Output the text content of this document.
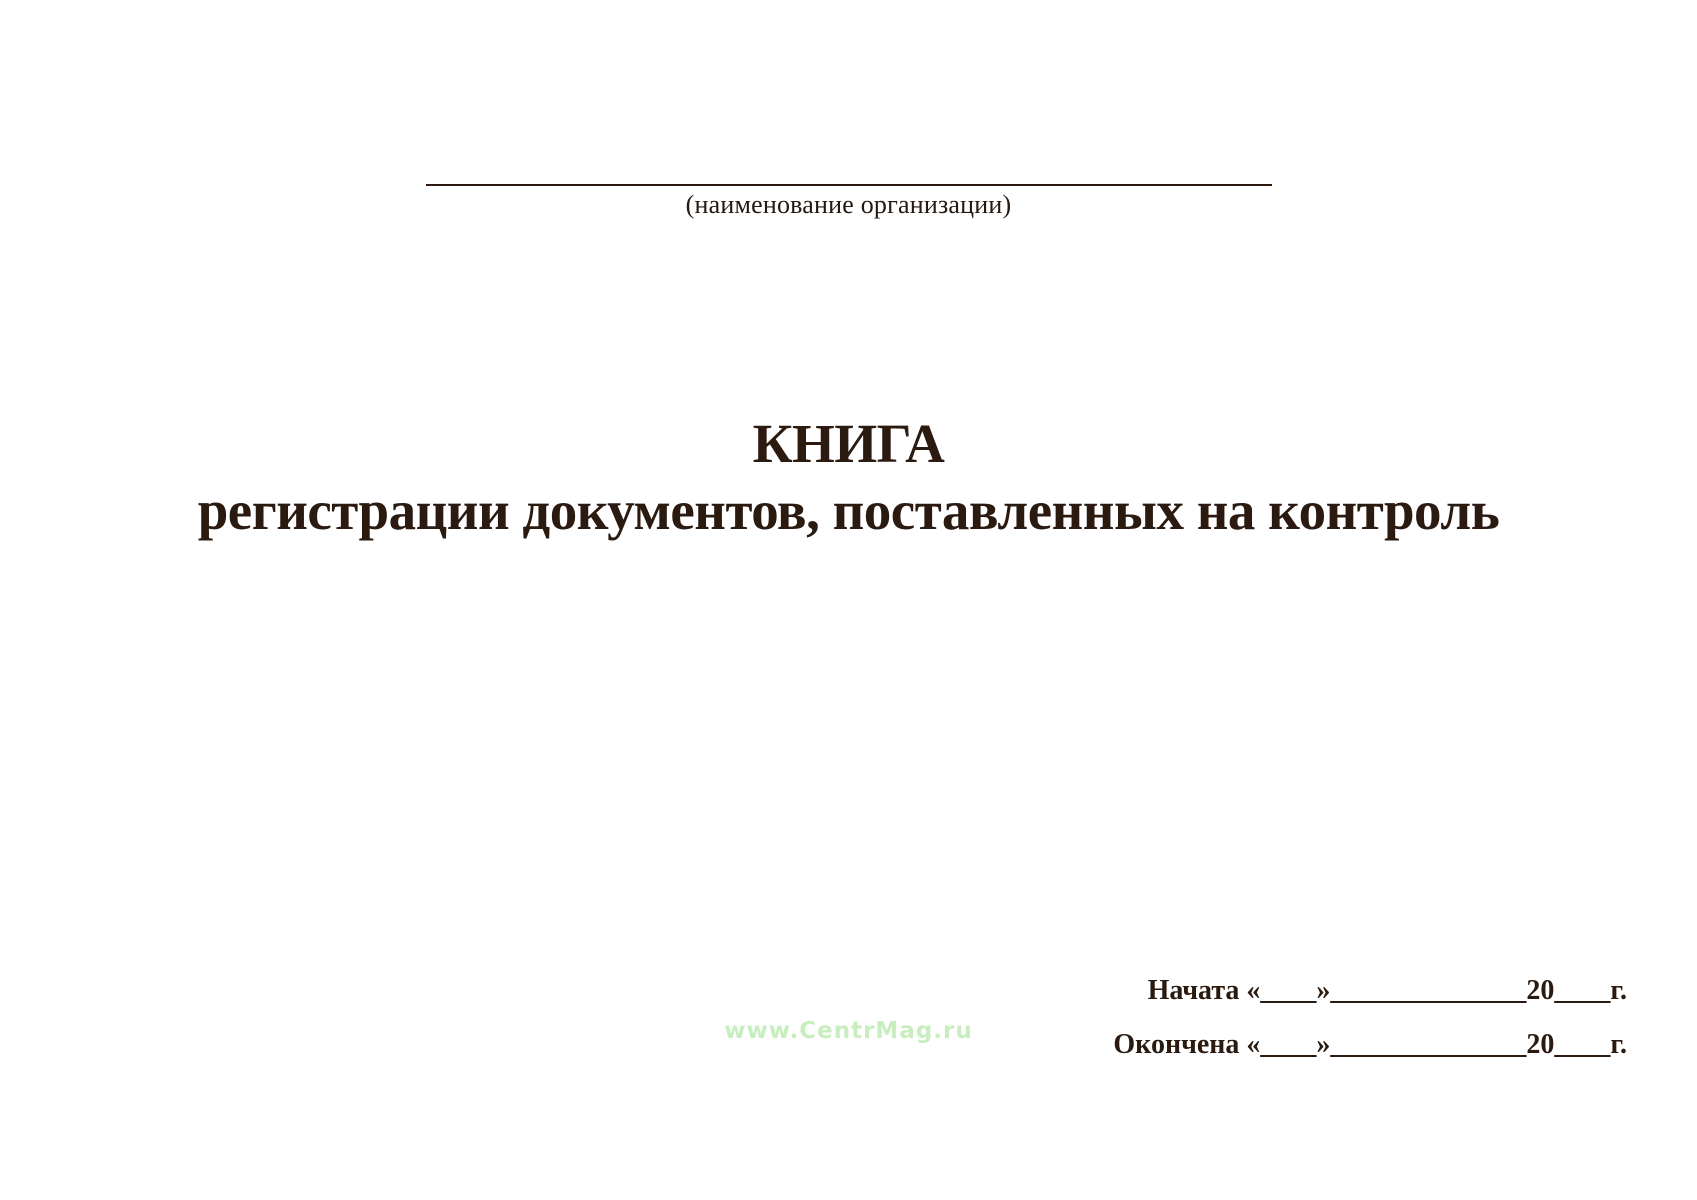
(наименование организации)
КНИГА
регистрации документов, поставленных на контроль
Начата «____»______________20____г.
Окончена «____»______________20____г.
www.CentrMag.ru
